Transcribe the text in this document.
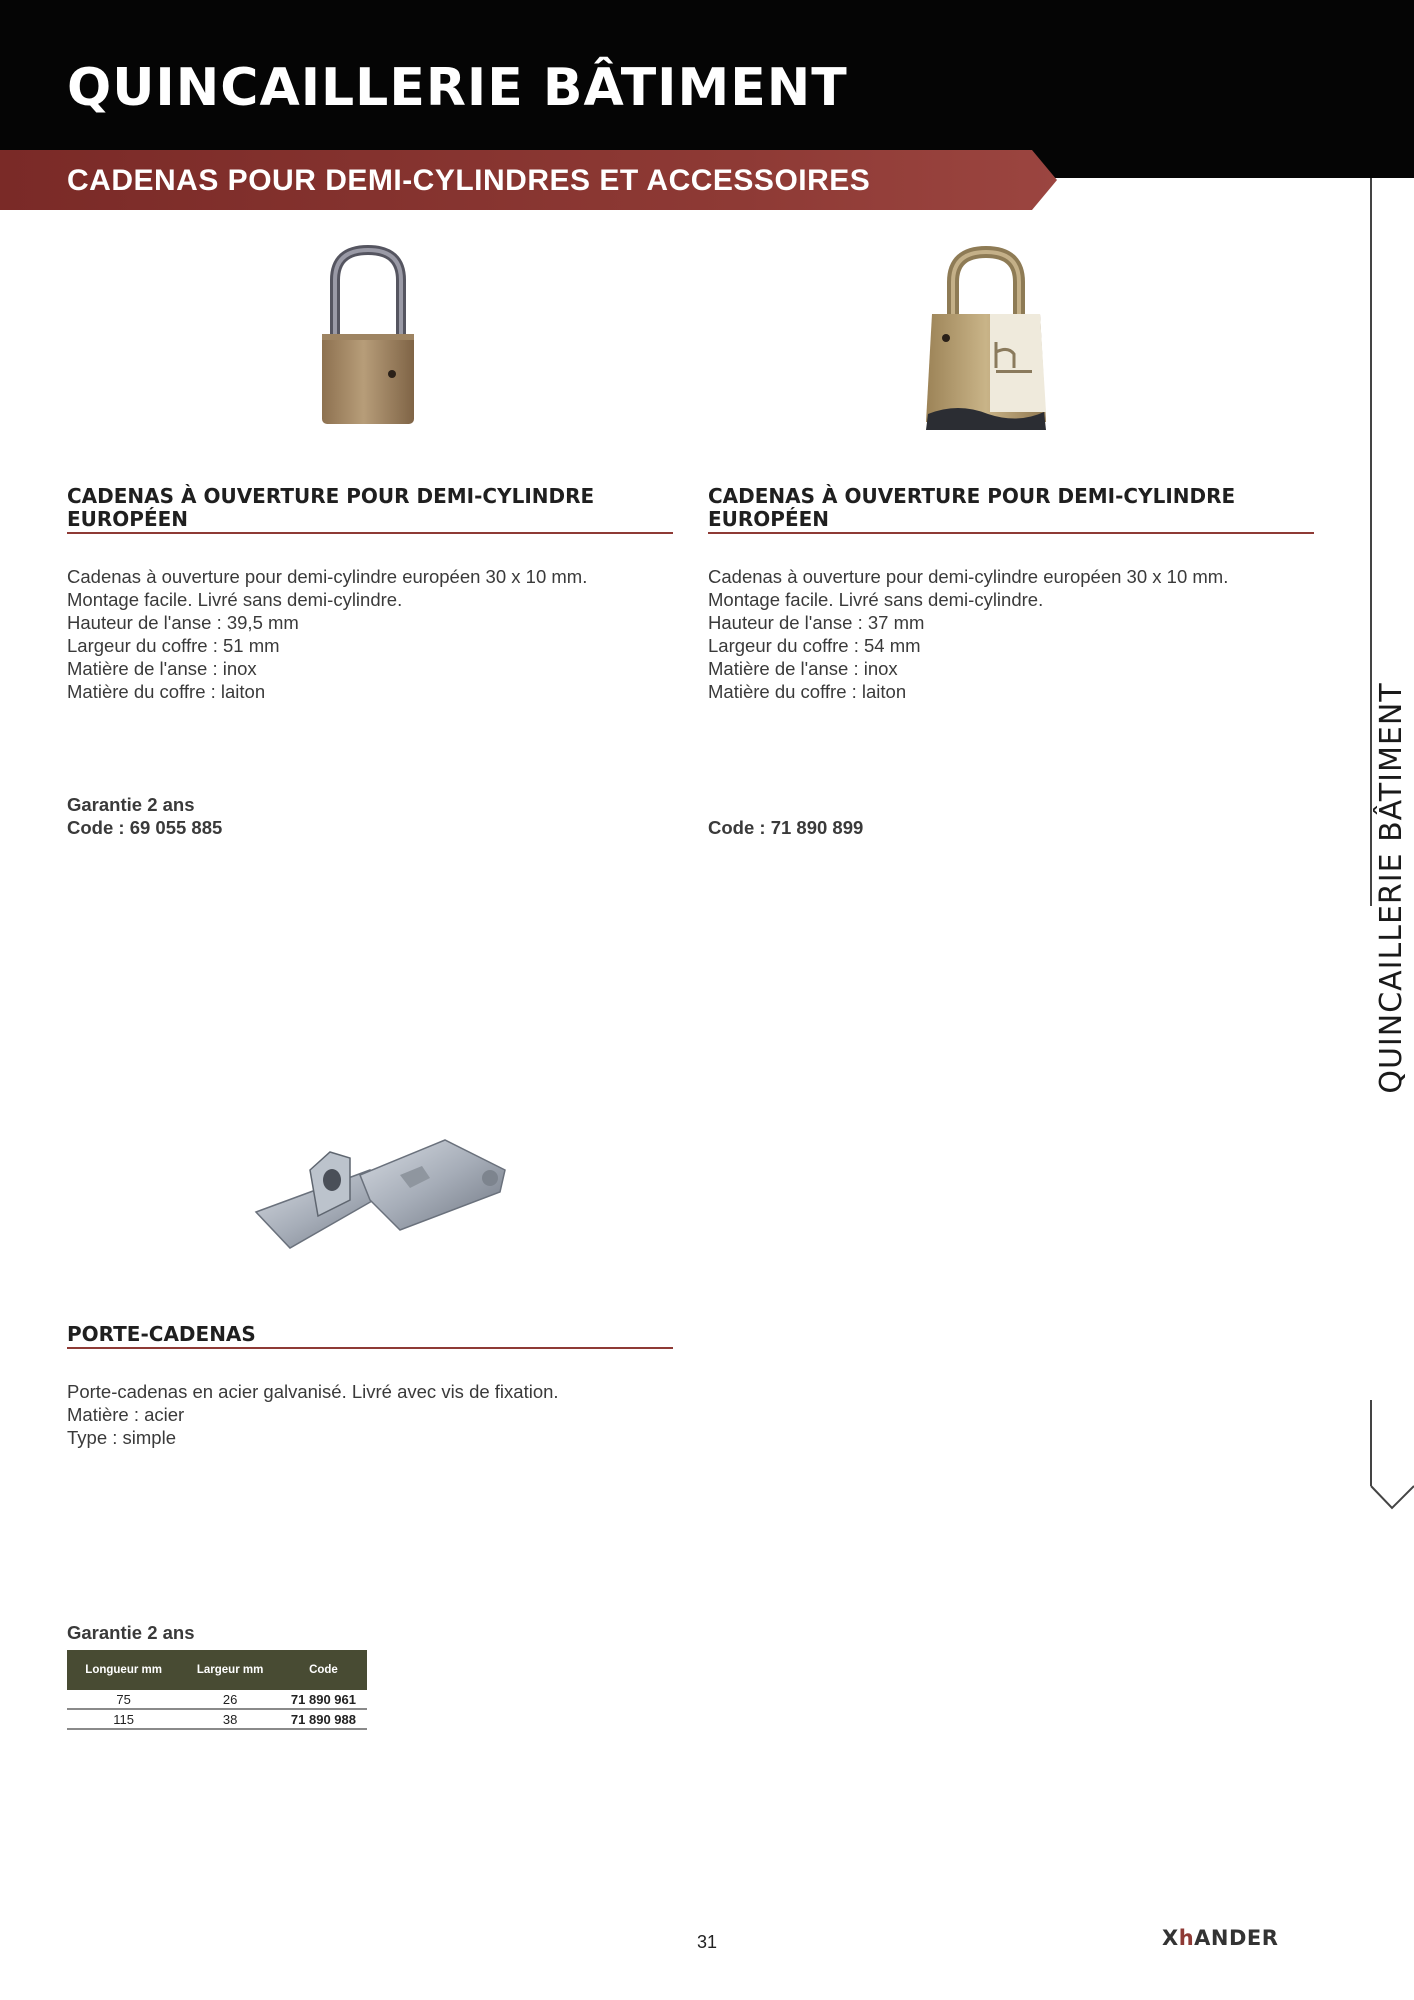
QUINCAILLERIE BÂTIMENT
CADENAS POUR DEMI-CYLINDRES ET ACCESSOIRES
QUINCAILLERIE BÂTIMENT
CADENAS À OUVERTURE POUR DEMI-CYLINDRE EUROPÉEN
Cadenas à ouverture pour demi-cylindre européen 30 x 10 mm.
Montage facile. Livré sans demi-cylindre.
Hauteur de l'anse : 39,5 mm
Largeur du coffre : 51 mm
Matière de l'anse : inox
Matière du coffre : laiton
Garantie 2 ans
Code : 69 055 885
CADENAS À OUVERTURE POUR DEMI-CYLINDRE EUROPÉEN
Cadenas à ouverture pour demi-cylindre européen 30 x 10 mm.
Montage facile. Livré sans demi-cylindre.
Hauteur de l'anse : 37 mm
Largeur du coffre : 54 mm
Matière de l'anse : inox
Matière du coffre : laiton
Code : 71 890 899
PORTE-CADENAS
Porte-cadenas en acier galvanisé. Livré avec vis de fixation.
Matière : acier
Type : simple
Garantie 2 ans
Longueur mm	Largeur mm	Code
75	26	71 890 961
115	38	71 890 988
31	XhANDER
